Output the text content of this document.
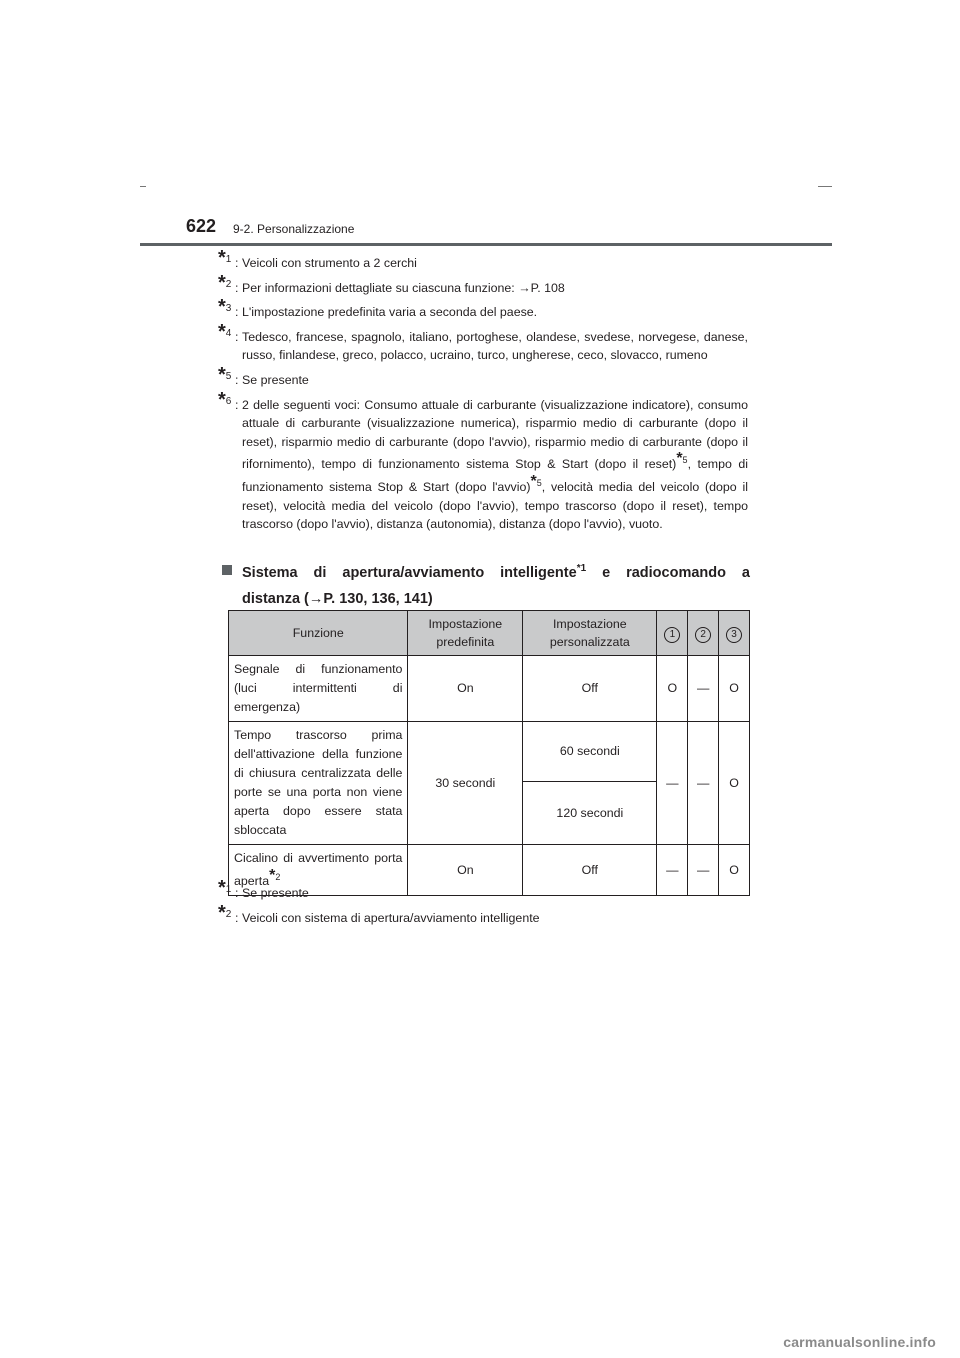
622 9-2. Personalizzazione

*1 : Veicoli con strumento a 2 cerchi

*2 : Per informazioni dettagliate su ciascuna funzione: →P. 108

*3 : L'impostazione predefinita varia a seconda del paese.

*4 : Tedesco, francese, spagnolo, italiano, portoghese, olandese, svedese, norvegese, danese, russo, finlandese, greco, polacco, ucraino, turco, ungherese, ceco, slovacco, rumeno

*5 : Se presente

*6 : 2 delle seguenti voci: Consumo attuale di carburante (visualizzazione indicatore), consumo attuale di carburante (visualizzazione numerica), risparmio medio di carburante (dopo il reset), risparmio medio di carburante (dopo l'avvio), risparmio medio di carburante (dopo il rifornimento), tempo di funzionamento sistema Stop & Start (dopo il reset)*$^5$, tempo di funzionamento sistema Stop & Start (dopo l'avvio)*$^5$, velocità media del veicolo (dopo il reset), velocità media del veicolo (dopo l'avvio), tempo trascorso (dopo il reset), tempo trascorso (dopo l'avvio), distanza (autonomia), distanza (dopo l'avvio), vuoto.

Sistema di apertura/avviamento intelligente$^{*1}$ e radiocomando a
distanza (→P. 130, 136, 141)
Funzione	Impostazione predefinita	Impostazione personalizzata	1	2	3
Segnale di funzionamento (luci intermittenti di emergenza)	On	Off	O	—	O
Tempo trascorso prima dell'attivazione della funzione di chiusura centralizzata delle porte se una porta non viene aperta dopo essere stata sbloccata	30 secondi	60 secondi	—	—	O
		120 secondi			
Cicalino di avvertimento porta aperta*$^2$	On	Off	—	—	O

*1 : Se presente

*2 : Veicoli con sistema di apertura/avviamento intelligente

carmanualsonline.info
